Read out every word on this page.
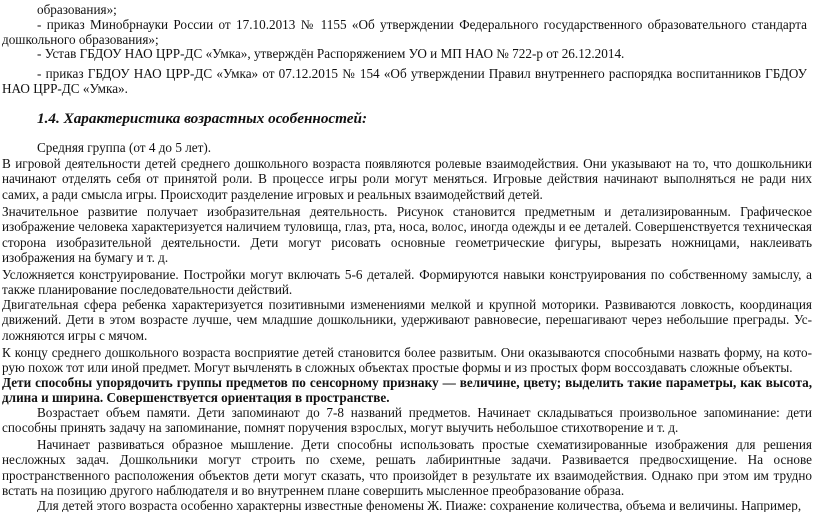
образования»;

- приказ Минобрнауки России от 17.10.2013 № 1155 «Об утверждении Федерального государственного образовательного стандарта дошкольного образования»;

- Устав ГБДОУ НАО ЦРР-ДС «Умка», утверждён Распоряжением УО и МП НАО № 722-р от 26.12.2014.

- приказ ГБДОУ НАО ЦРР-ДС «Умка» от 07.12.2015 № 154 «Об утверждении Правил внутреннего распорядка воспитанников ГБДОУ НАО ЦРР-ДС «Умка».

1.4. Характеристика возрастных особенностей:

Средняя группа (от 4 до 5 лет).

В игровой деятельности детей среднего дошкольного возраста появляются ролевые взаимодействия. Они указывают на то, что дошкольники начинают отделять себя от принятой роли. В процессе игры роли могут меняться. Игровые действия начинают выполняться не ради них самих, а ради смысла игры. Происходит разделение игровых и реальных взаимодействий детей.

Значительное развитие получает изобразительная деятельность. Рисунок становится предметным и детализированным. Графическое изображение человека характеризуется наличием туловища, глаз, рта, носа, волос, иногда одежды и ее деталей. Совершенствуется техническая сторона изобразительной деятельности. Дети могут рисовать основные геометрические фигуры, вырезать ножницами, наклеивать изображения на бумагу и т. д.

Усложняется конструирование. Постройки могут включать 5-6 деталей. Формируются навыки конструирования по собственному замыслу, а также планирование последовательности действий.

Двигательная сфера ребенка характеризуется позитивными изменениями мелкой и крупной моторики. Развиваются ловкость, координация движений. Дети в этом возрасте лучше, чем младшие дошкольники, удерживают равновесие, перешагивают через небольшие преграды. Ус-ложняются игры с мячом.

К концу среднего дошкольного возраста восприятие детей становится более развитым. Они оказываются способными назвать форму, на кото-рую похож тот или иной предмет. Могут вычленять в сложных объектах простые формы и из простых форм воссоздавать сложные объекты.

Дети способны упорядочить группы предметов по сенсорному признаку — величине, цвету; выделить такие параметры, как высота, длина и ширина. Совершенствуется ориентация в пространстве.

Возрастает объем памяти. Дети запоминают до 7-8 названий предметов. Начинает складываться произвольное запоминание: дети способны принять задачу на запоминание, помнят поручения взрослых, могут выучить небольшое стихотворение и т. д.

Начинает развиваться образное мышление. Дети способны использовать простые схематизированные изображения для решения несложных задач. Дошкольники могут строить по схеме, решать лабиринтные задачи. Развивается предвосхищение. На основе пространственного расположения объектов дети могут сказать, что произойдет в результате их взаимодействия. Однако при этом им трудно встать на позицию другого наблюдателя и во внутреннем плане совершить мысленное преобразование образа.

Для детей этого возраста особенно характерны известные феномены Ж. Пиаже: сохранение количества, объема и величины. Например,
